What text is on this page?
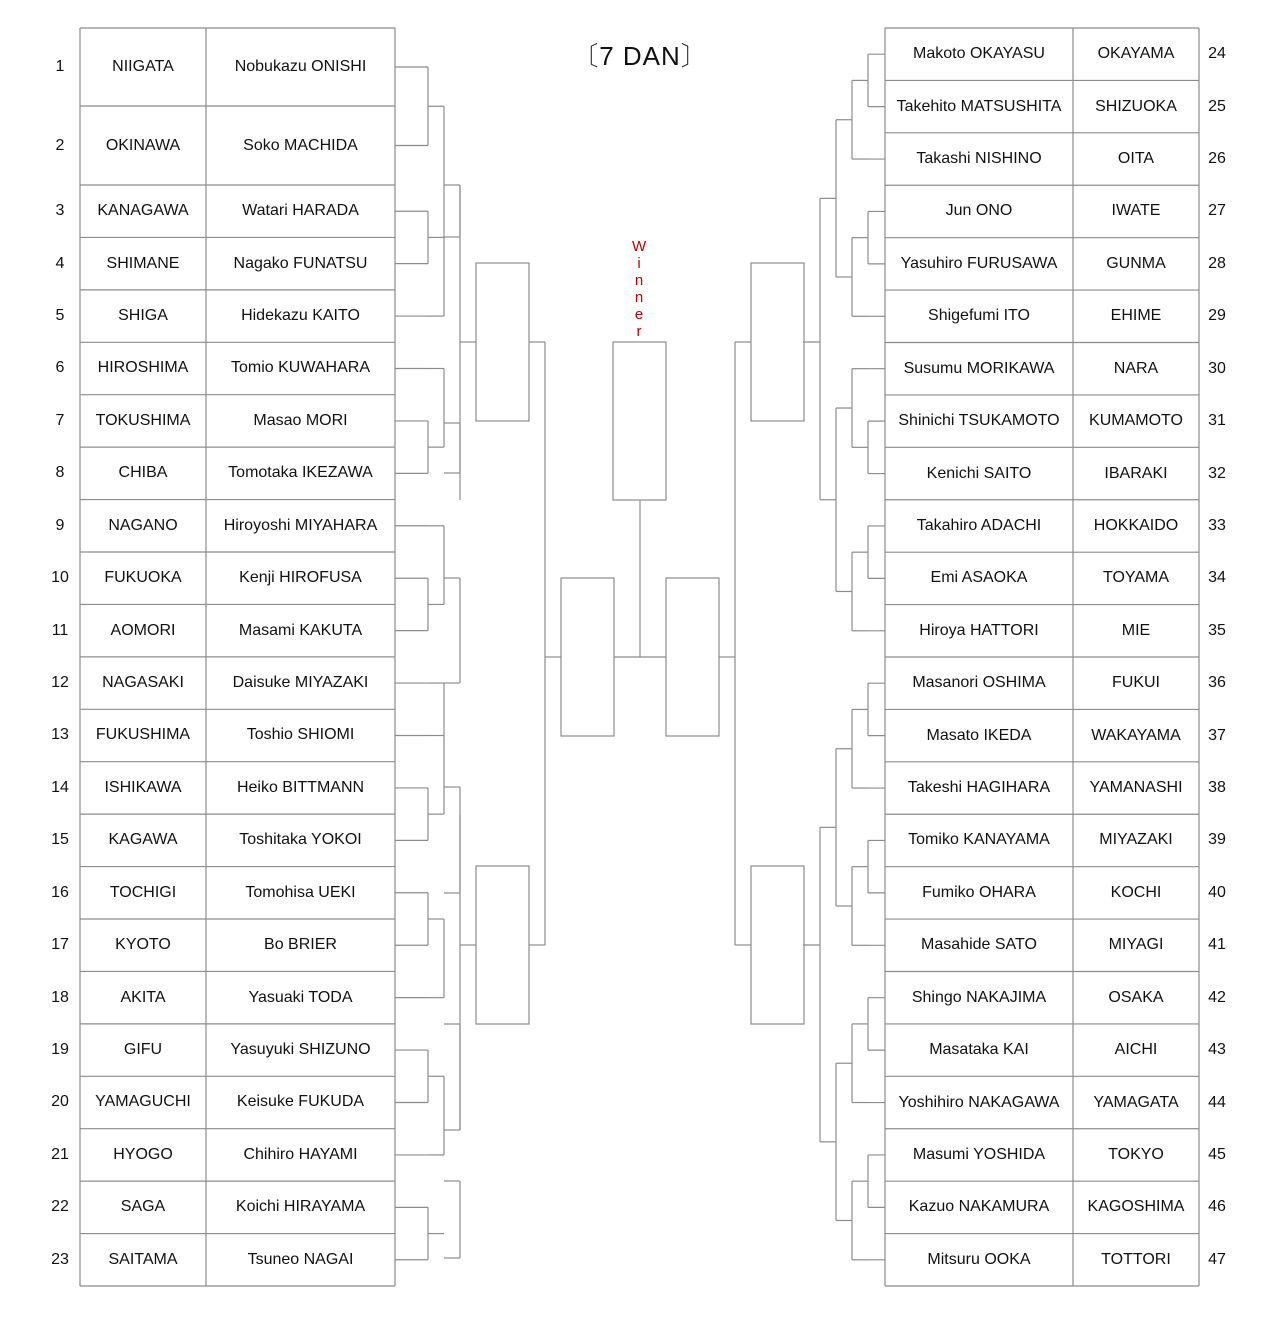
〔7 DAN〕
W
i
n
n
e
r
1	NIIGATA	Nobukazu ONISHI
2	OKINAWA	Soko MACHIDA
3	KANAGAWA	Watari HARADA
4	SHIMANE	Nagako FUNATSU
5	SHIGA	Hidekazu KAITO
6	HIROSHIMA	Tomio KUWAHARA
7	TOKUSHIMA	Masao MORI
8	CHIBA	Tomotaka IKEZAWA
9	NAGANO	Hiroyoshi MIYAHARA
10	FUKUOKA	Kenji HIROFUSA
11	AOMORI	Masami KAKUTA
12	NAGASAKI	Daisuke MIYAZAKI
13	FUKUSHIMA	Toshio SHIOMI
14	ISHIKAWA	Heiko BITTMANN
15	KAGAWA	Toshitaka YOKOI
16	TOCHIGI	Tomohisa UEKI
17	KYOTO	Bo BRIER
18	AKITA	Yasuaki TODA
19	GIFU	Yasuyuki SHIZUNO
20	YAMAGUCHI	Keisuke FUKUDA
21	HYOGO	Chihiro HAYAMI
22	SAGA	Koichi HIRAYAMA
23	SAITAMA	Tsuneo NAGAI
Makoto OKAYASU	OKAYAMA	24
Takehito MATSUSHITA	SHIZUOKA	25
Takashi NISHINO	OITA	26
Jun ONO	IWATE	27
Yasuhiro FURUSAWA	GUNMA	28
Shigefumi ITO	EHIME	29
Susumu MORIKAWA	NARA	30
Shinichi TSUKAMOTO	KUMAMOTO	31
Kenichi SAITO	IBARAKI	32
Takahiro ADACHI	HOKKAIDO	33
Emi ASAOKA	TOYAMA	34
Hiroya HATTORI	MIE	35
Masanori OSHIMA	FUKUI	36
Masato IKEDA	WAKAYAMA	37
Takeshi HAGIHARA	YAMANASHI	38
Tomiko KANAYAMA	MIYAZAKI	39
Fumiko OHARA	KOCHI	40
Masahide SATO	MIYAGI	41
Shingo NAKAJIMA	OSAKA	42
Masataka KAI	AICHI	43
Yoshihiro NAKAGAWA	YAMAGATA	44
Masumi YOSHIDA	TOKYO	45
Kazuo NAKAMURA	KAGOSHIMA	46
Mitsuru OOKA	TOTTORI	47
